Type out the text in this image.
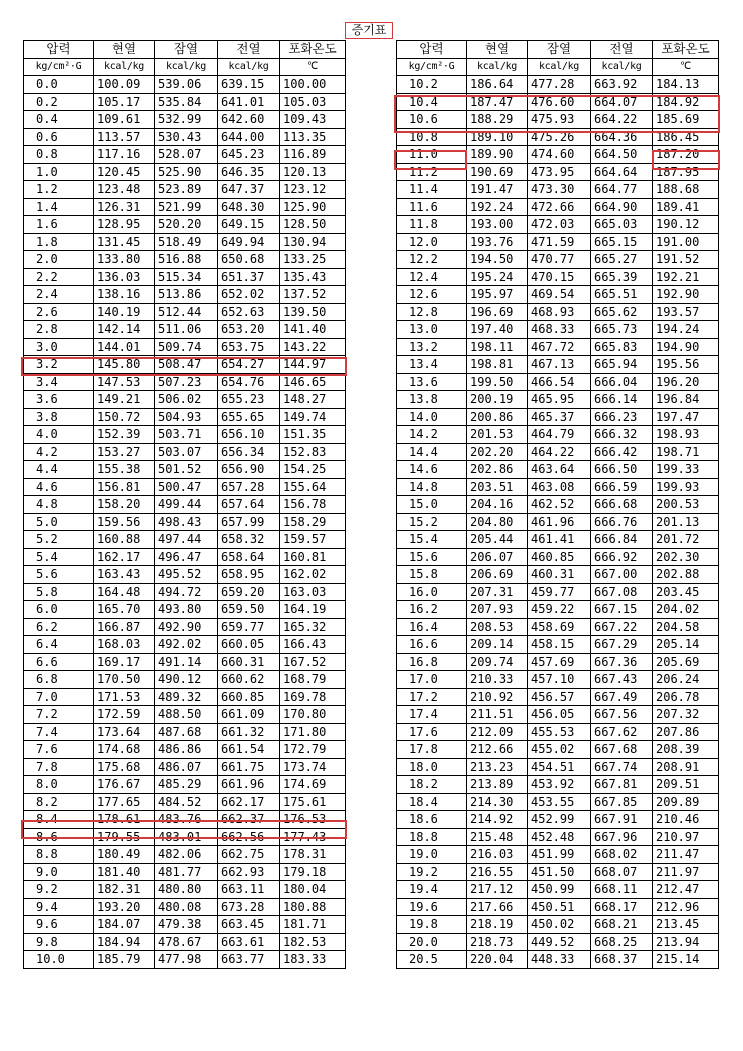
증기표
압력	현열	잠열	전열	포화온도
kg/cm²·G	kcal/kg	kcal/kg	kcal/kg	℃
0.0	100.09	539.06	639.15	100.00
0.2	105.17	535.84	641.01	105.03
0.4	109.61	532.99	642.60	109.43
0.6	113.57	530.43	644.00	113.35
0.8	117.16	528.07	645.23	116.89
1.0	120.45	525.90	646.35	120.13
1.2	123.48	523.89	647.37	123.12
1.4	126.31	521.99	648.30	125.90
1.6	128.95	520.20	649.15	128.50
1.8	131.45	518.49	649.94	130.94
2.0	133.80	516.88	650.68	133.25
2.2	136.03	515.34	651.37	135.43
2.4	138.16	513.86	652.02	137.52
2.6	140.19	512.44	652.63	139.50
2.8	142.14	511.06	653.20	141.40
3.0	144.01	509.74	653.75	143.22
3.2	145.80	508.47	654.27	144.97
3.4	147.53	507.23	654.76	146.65
3.6	149.21	506.02	655.23	148.27
3.8	150.72	504.93	655.65	149.74
4.0	152.39	503.71	656.10	151.35
4.2	153.27	503.07	656.34	152.83
4.4	155.38	501.52	656.90	154.25
4.6	156.81	500.47	657.28	155.64
4.8	158.20	499.44	657.64	156.78
5.0	159.56	498.43	657.99	158.29
5.2	160.88	497.44	658.32	159.57
5.4	162.17	496.47	658.64	160.81
5.6	163.43	495.52	658.95	162.02
5.8	164.48	494.72	659.20	163.03
6.0	165.70	493.80	659.50	164.19
6.2	166.87	492.90	659.77	165.32
6.4	168.03	492.02	660.05	166.43
6.6	169.17	491.14	660.31	167.52
6.8	170.50	490.12	660.62	168.79
7.0	171.53	489.32	660.85	169.78
7.2	172.59	488.50	661.09	170.80
7.4	173.64	487.68	661.32	171.80
7.6	174.68	486.86	661.54	172.79
7.8	175.68	486.07	661.75	173.74
8.0	176.67	485.29	661.96	174.69
8.2	177.65	484.52	662.17	175.61
8.4	178.61	483.76	662.37	176.53
8.6	179.55	483.01	662.56	177.43
8.8	180.49	482.06	662.75	178.31
9.0	181.40	481.77	662.93	179.18
9.2	182.31	480.80	663.11	180.04
9.4	193.20	480.08	673.28	180.88
9.6	184.07	479.38	663.45	181.71
9.8	184.94	478.67	663.61	182.53
10.0	185.79	477.98	663.77	183.33
압력	현열	잠열	전열	포화온도
kg/cm²·G	kcal/kg	kcal/kg	kcal/kg	℃
10.2	186.64	477.28	663.92	184.13
10.4	187.47	476.60	664.07	184.92
10.6	188.29	475.93	664.22	185.69
10.8	189.10	475.26	664.36	186.45
11.0	189.90	474.60	664.50	187.20
11.2	190.69	473.95	664.64	187.95
11.4	191.47	473.30	664.77	188.68
11.6	192.24	472.66	664.90	189.41
11.8	193.00	472.03	665.03	190.12
12.0	193.76	471.59	665.15	191.00
12.2	194.50	470.77	665.27	191.52
12.4	195.24	470.15	665.39	192.21
12.6	195.97	469.54	665.51	192.90
12.8	196.69	468.93	665.62	193.57
13.0	197.40	468.33	665.73	194.24
13.2	198.11	467.72	665.83	194.90
13.4	198.81	467.13	665.94	195.56
13.6	199.50	466.54	666.04	196.20
13.8	200.19	465.95	666.14	196.84
14.0	200.86	465.37	666.23	197.47
14.2	201.53	464.79	666.32	198.93
14.4	202.20	464.22	666.42	198.71
14.6	202.86	463.64	666.50	199.33
14.8	203.51	463.08	666.59	199.93
15.0	204.16	462.52	666.68	200.53
15.2	204.80	461.96	666.76	201.13
15.4	205.44	461.41	666.84	201.72
15.6	206.07	460.85	666.92	202.30
15.8	206.69	460.31	667.00	202.88
16.0	207.31	459.77	667.08	203.45
16.2	207.93	459.22	667.15	204.02
16.4	208.53	458.69	667.22	204.58
16.6	209.14	458.15	667.29	205.14
16.8	209.74	457.69	667.36	205.69
17.0	210.33	457.10	667.43	206.24
17.2	210.92	456.57	667.49	206.78
17.4	211.51	456.05	667.56	207.32
17.6	212.09	455.53	667.62	207.86
17.8	212.66	455.02	667.68	208.39
18.0	213.23	454.51	667.74	208.91
18.2	213.89	453.92	667.81	209.51
18.4	214.30	453.55	667.85	209.89
18.6	214.92	452.99	667.91	210.46
18.8	215.48	452.48	667.96	210.97
19.0	216.03	451.99	668.02	211.47
19.2	216.55	451.50	668.07	211.97
19.4	217.12	450.99	668.11	212.47
19.6	217.66	450.51	668.17	212.96
19.8	218.19	450.02	668.21	213.45
20.0	218.73	449.52	668.25	213.94
20.5	220.04	448.33	668.37	215.14
